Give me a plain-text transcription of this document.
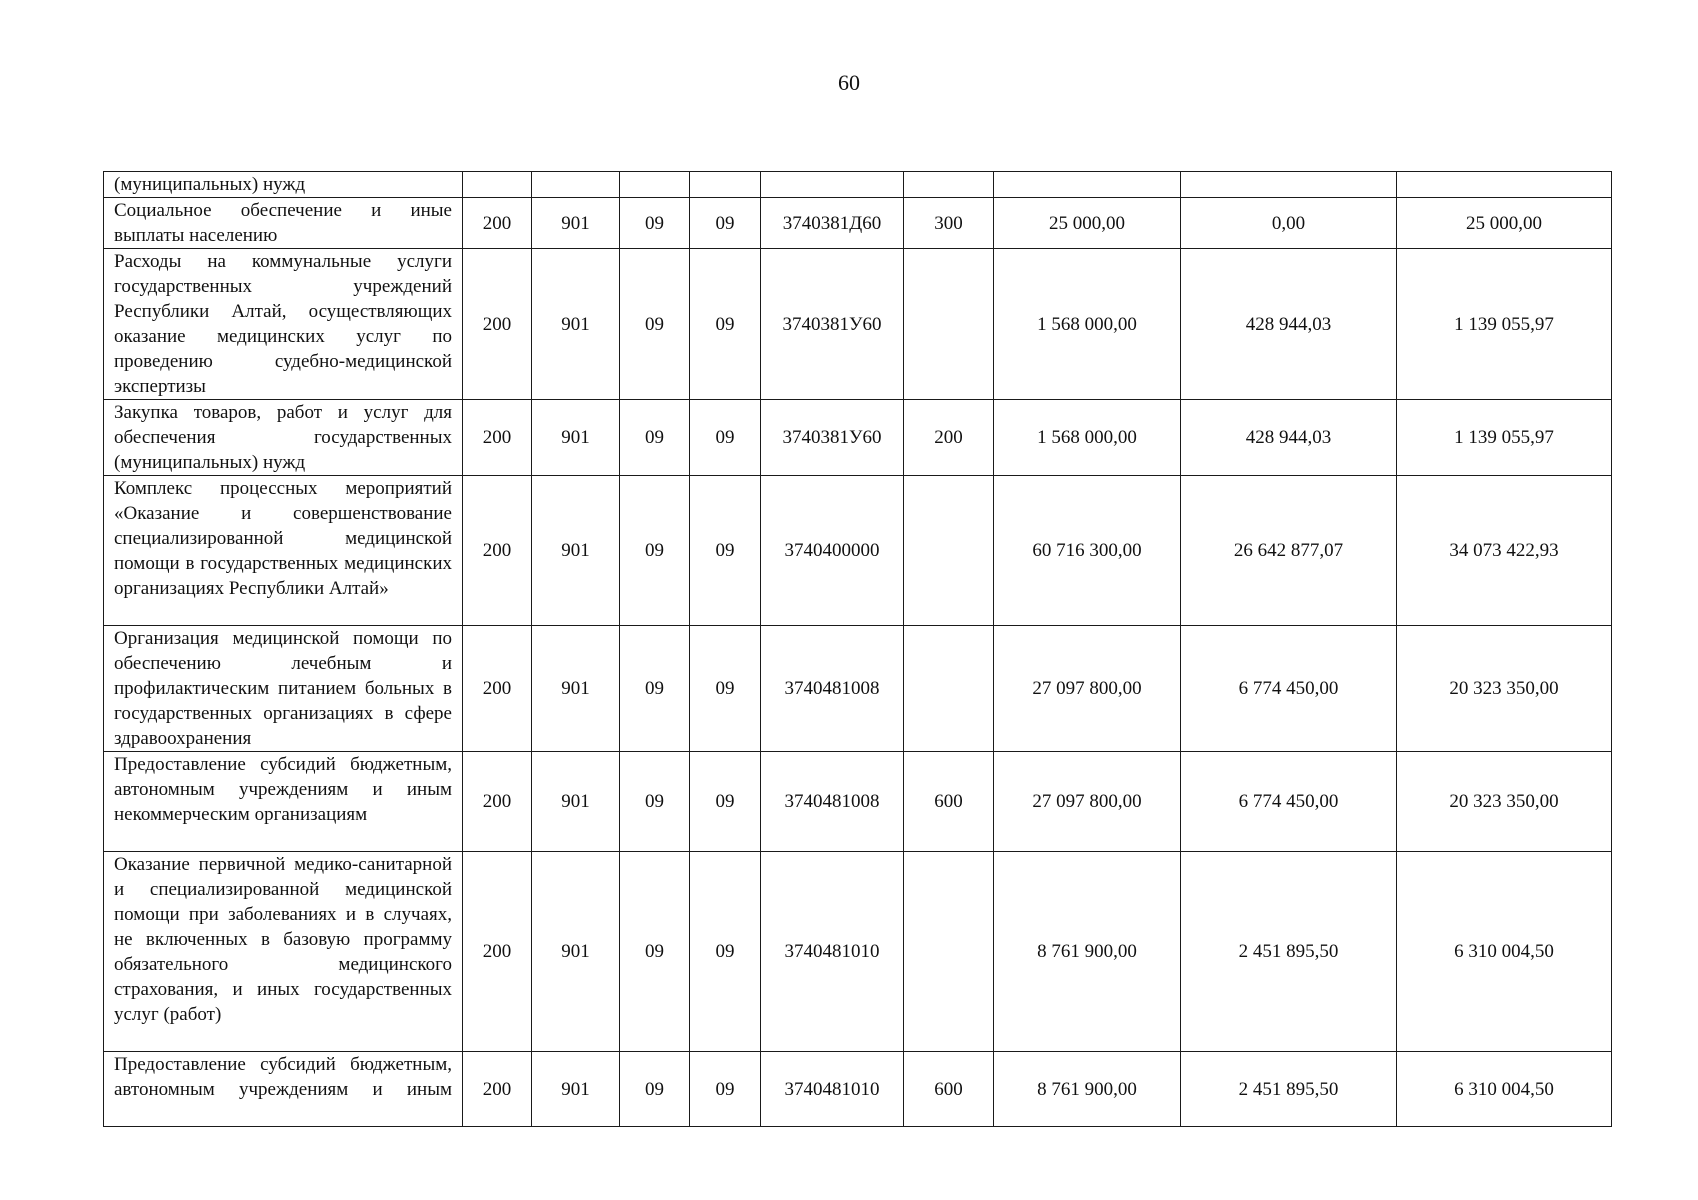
60
(муниципальных) нужд									
Социальное обеспечение и иные выплаты населению	200	901	09	09	3740381Д60	300	25 000,00	0,00	25 000,00
Расходы на коммунальные услуги государственных учреждений Республики Алтай, осуществляющих оказание медицинских услуг по проведению судебно-медицинской экспертизы	200	901	09	09	3740381У60		1 568 000,00	428 944,03	1 139 055,97
Закупка товаров, работ и услуг для обеспечения государственных (муниципальных) нужд	200	901	09	09	3740381У60	200	1 568 000,00	428 944,03	1 139 055,97
Комплекс процессных мероприятий «Оказание и совершенствование специализированной медицинской помощи в государственных медицинских организациях Республики Алтай»	200	901	09	09	3740400000		60 716 300,00	26 642 877,07	34 073 422,93
Организация медицинской помощи по обеспечению лечебным и профилактическим питанием больных в государственных организациях в сфере здравоохранения	200	901	09	09	3740481008		27 097 800,00	6 774 450,00	20 323 350,00
Предоставление субсидий бюджетным, автономным учреждениям и иным некоммерческим организациям	200	901	09	09	3740481008	600	27 097 800,00	6 774 450,00	20 323 350,00
Оказание первичной медико-санитарной и специализированной медицинской помощи при заболеваниях и в случаях, не включенных в базовую программу обязательного медицинского страхования, и иных государственных услуг (работ)	200	901	09	09	3740481010		8 761 900,00	2 451 895,50	6 310 004,50
Предоставление субсидий бюджетным, автономным учреждениям и иным	200	901	09	09	3740481010	600	8 761 900,00	2 451 895,50	6 310 004,50
